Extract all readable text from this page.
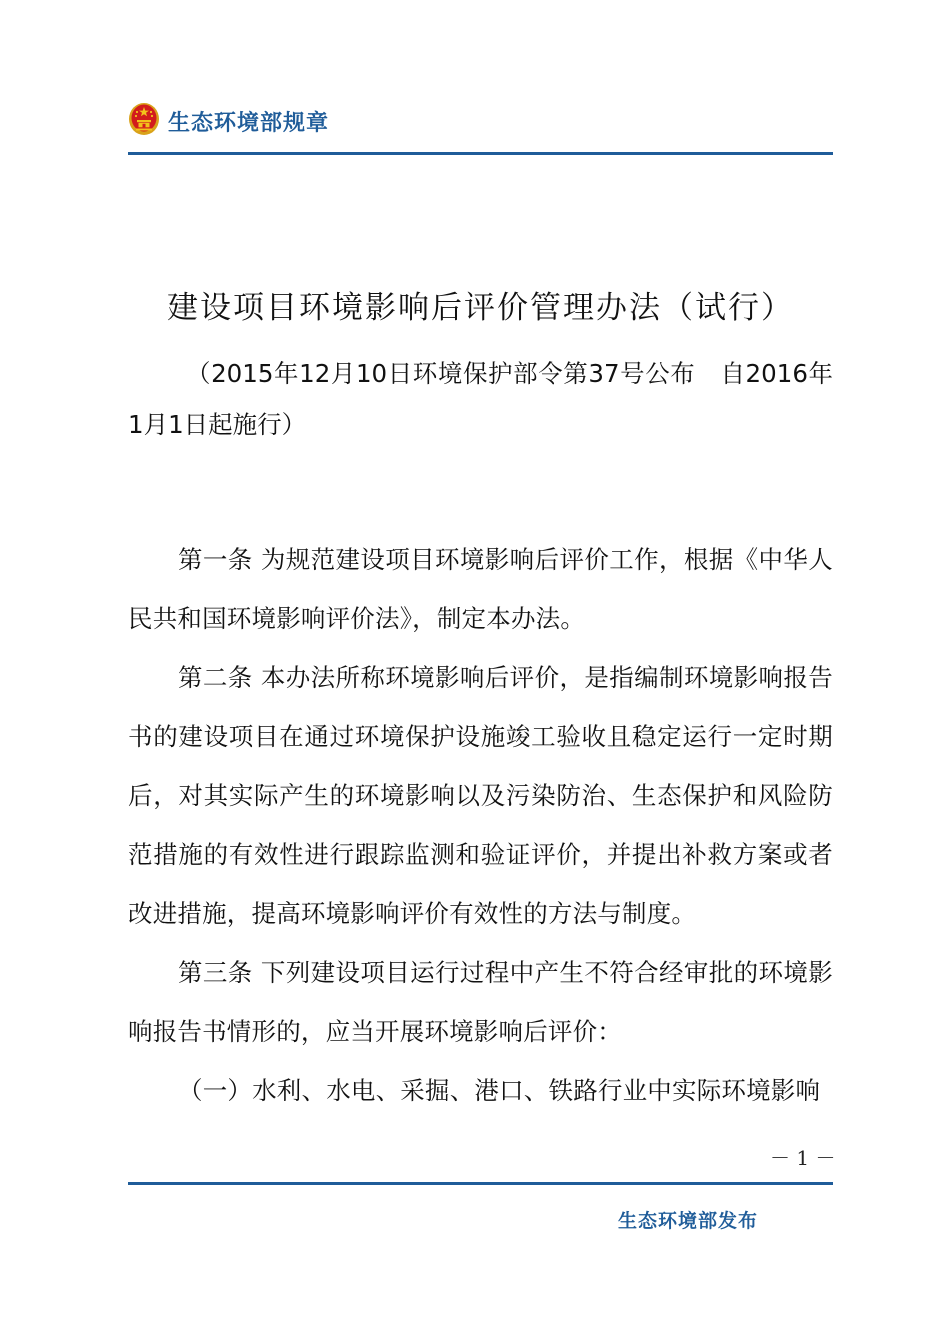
生态环境部规章
建设项目环境影响后评价管理办法（试行）
（2015年12月10日环境保护部令第37号公布　自2016年1月1日起施行）

第一条 为规范建设项目环境影响后评价工作，根据《中华人民共和国环境影响评价法》，制定本办法。

第二条 本办法所称环境影响后评价，是指编制环境影响报告书的建设项目在通过环境保护设施竣工验收且稳定运行一定时期后，对其实际产生的环境影响以及污染防治、生态保护和风险防范措施的有效性进行跟踪监测和验证评价，并提出补救方案或者改进措施，提高环境影响评价有效性的方法与制度。

第三条 下列建设项目运行过程中产生不符合经审批的环境影响报告书情形的，应当开展环境影响后评价：

（一）水利、水电、采掘、港口、铁路行业中实际环境影响

－ 1 －
生态环境部发布
